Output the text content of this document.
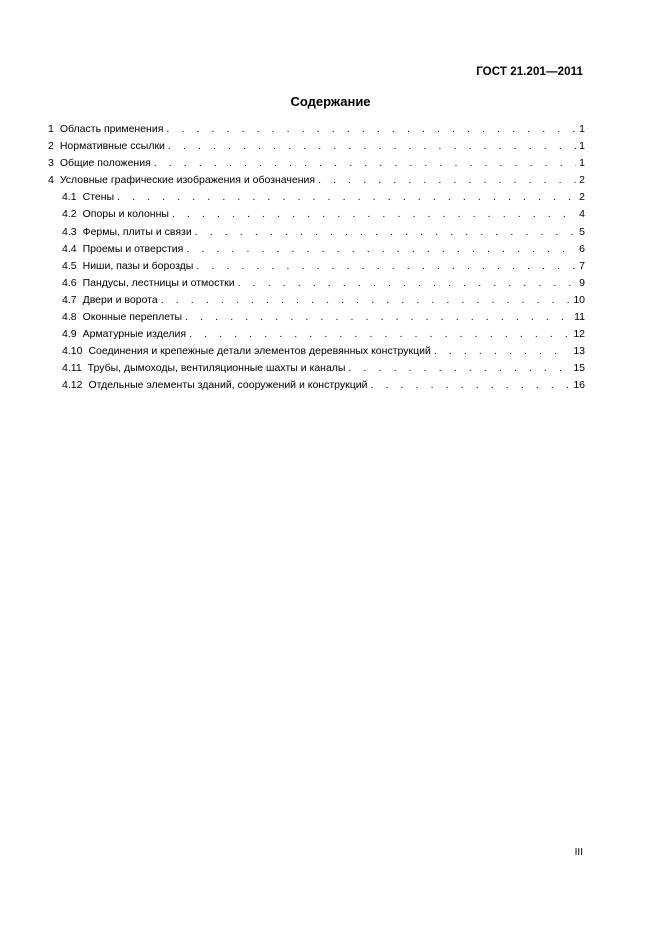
ГОСТ 21.201—2011
Содержание
1 Область применения . . .	1
2 Нормативные ссылки . . .	1
3 Общие положения . . .	1
4 Условные графические изображения и обозначения . . .	2
4.1 Стены . . .	2
4.2 Опоры и колонны . . .	4
4.3 Фермы, плиты и связи . . .	5
4.4 Проемы и отверстия . . .	6
4.5 Ниши, пазы и борозды . . .	7
4.6 Пандусы, лестницы и отмостки . . .	9
4.7 Двери и ворота . . .	10
4.8 Оконные переплеты . . .	11
4.9 Арматурные изделия . . .	12
4.10 Соединения и крепежные детали элементов деревянных конструкций . . .	13
4.11 Трубы, дымоходы, вентиляционные шахты и каналы . . .	15
4.12 Отдельные элементы зданий, сооружений и конструкций . . .	16
III
